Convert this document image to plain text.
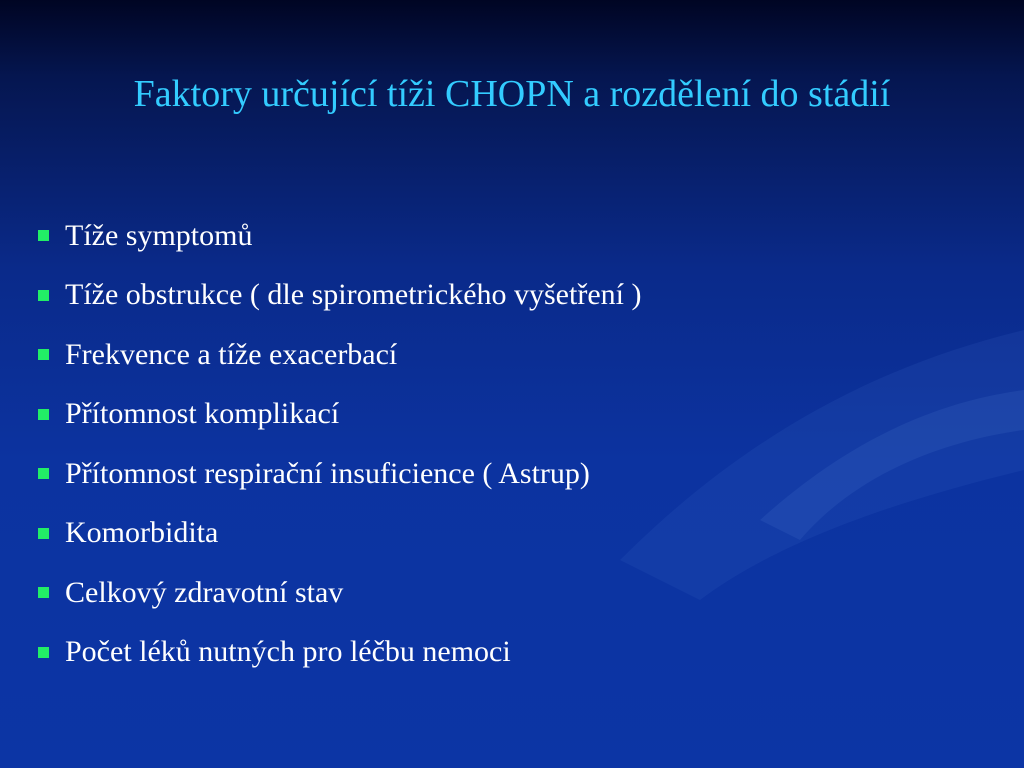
Faktory určující tíži CHOPN a rozdělení do stádií
Tíže symptomů
Tíže obstrukce ( dle spirometrického vyšetření )
Frekvence a tíže exacerbací
Přítomnost komplikací
Přítomnost respirační insuficience ( Astrup)
Komorbidita
Celkový zdravotní stav
Počet léků nutných pro léčbu nemoci
